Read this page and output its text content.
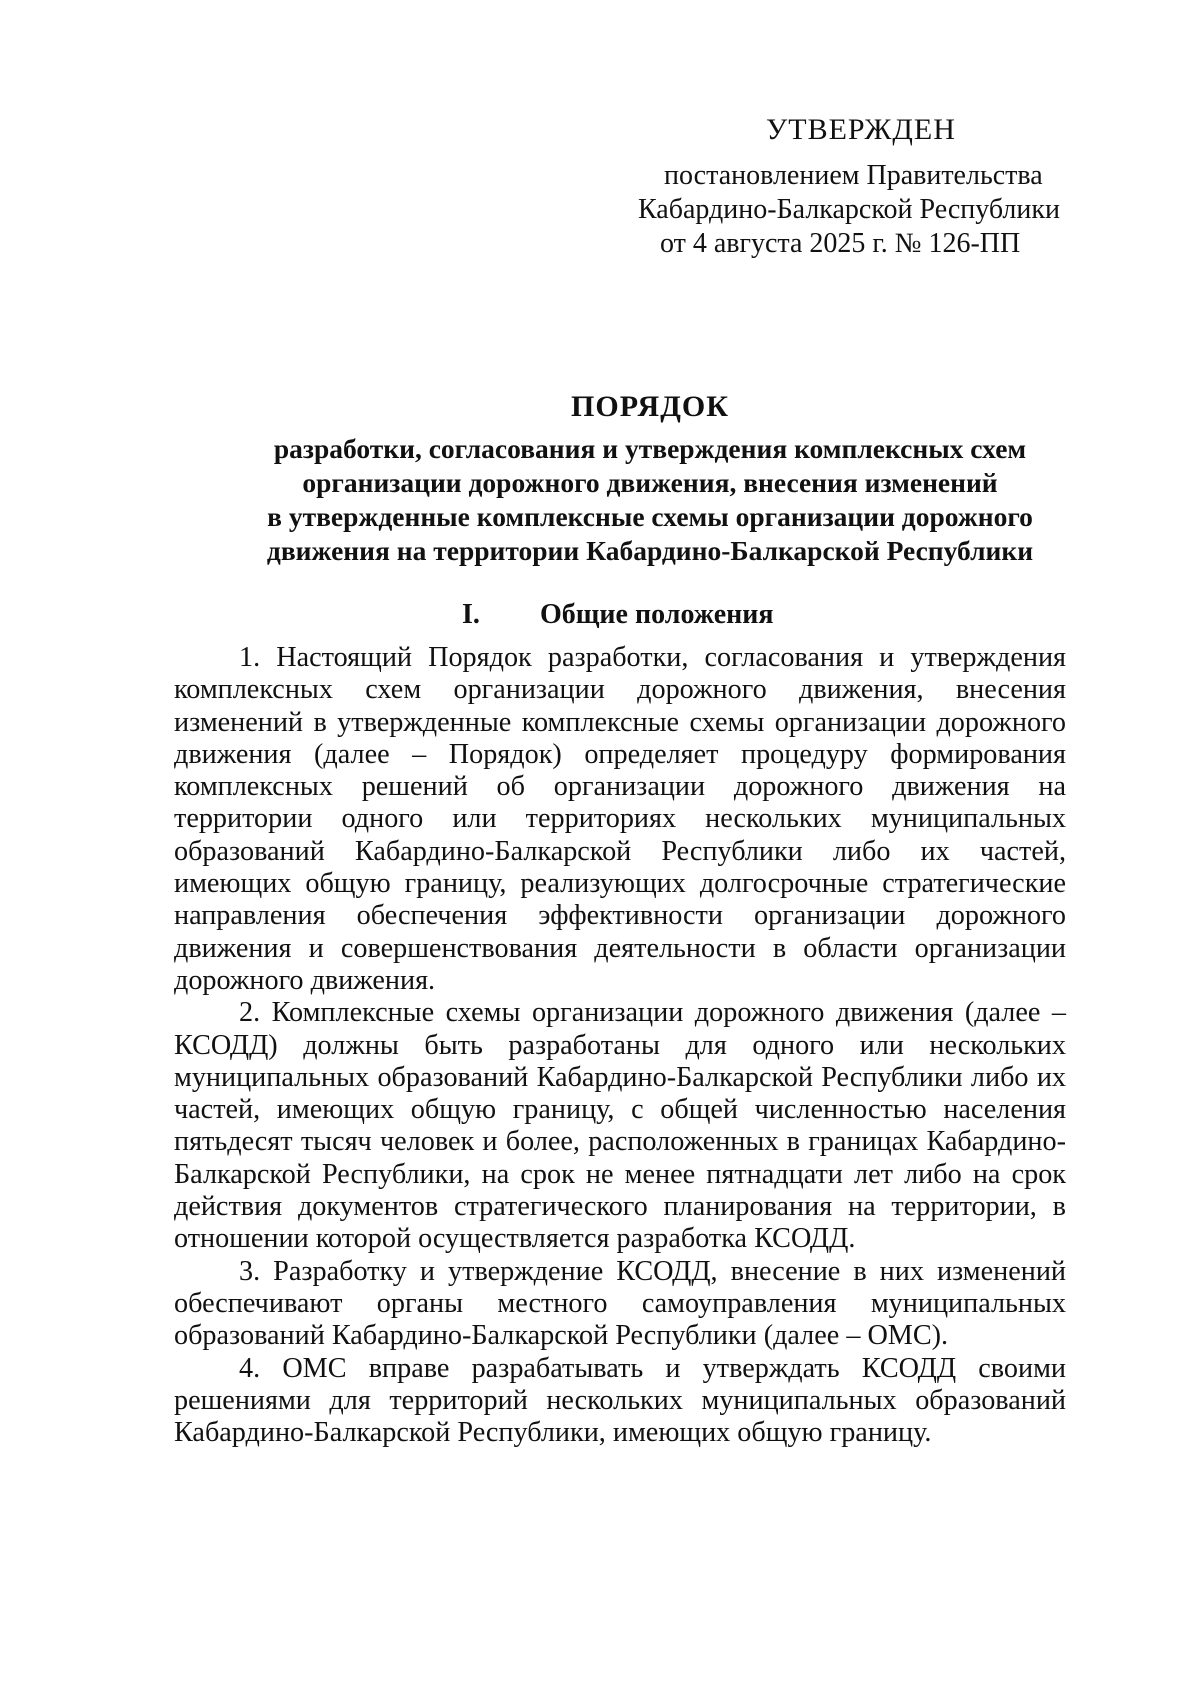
УТВЕРЖДЕН
постановлением Правительства
Кабардино-Балкарской Республики
от 4 августа 2025 г. № 126-ПП
ПОРЯДОК
разработки, согласования и утверждения комплексных схем
организации дорожного движения, внесения изменений
в утвержденные комплексные схемы организации дорожного
движения на территории Кабардино-Балкарской Республики
I. Общие положения

1. Настоящий Порядок разработки, согласования и утверждения комплексных схем организации дорожного движения, внесения изменений в утвержденные комплексные схемы организации дорожного движения (далее – Порядок) определяет процедуру формирования комплексных решений об организации дорожного движения на территории одного или территориях нескольких муниципальных образований Кабардино-Балкарской Республики либо их частей, имеющих общую границу, реализующих долгосрочные стратегические направления обеспечения эффективности организации дорожного движения и совершенствования деятельности в области организации дорожного движения.

2. Комплексные схемы организации дорожного движения (далее – КСОДД) должны быть разработаны для одного или нескольких муниципальных образований Кабардино-Балкарской Республики либо их частей, имеющих общую границу, с общей численностью населения пятьдесят тысяч человек и более, расположенных в границах Кабардино-Балкарской Республики, на срок не менее пятнадцати лет либо на срок действия документов стратегического планирования на территории, в отношении которой осуществляется разработка КСОДД.

3. Разработку и утверждение КСОДД, внесение в них изменений обеспечивают органы местного самоуправления муниципальных образований Кабардино-Балкарской Республики (далее – ОМС).

4. ОМС вправе разрабатывать и утверждать КСОДД своими решениями для территорий нескольких муниципальных образований Кабардино-Балкарской Республики, имеющих общую границу.
